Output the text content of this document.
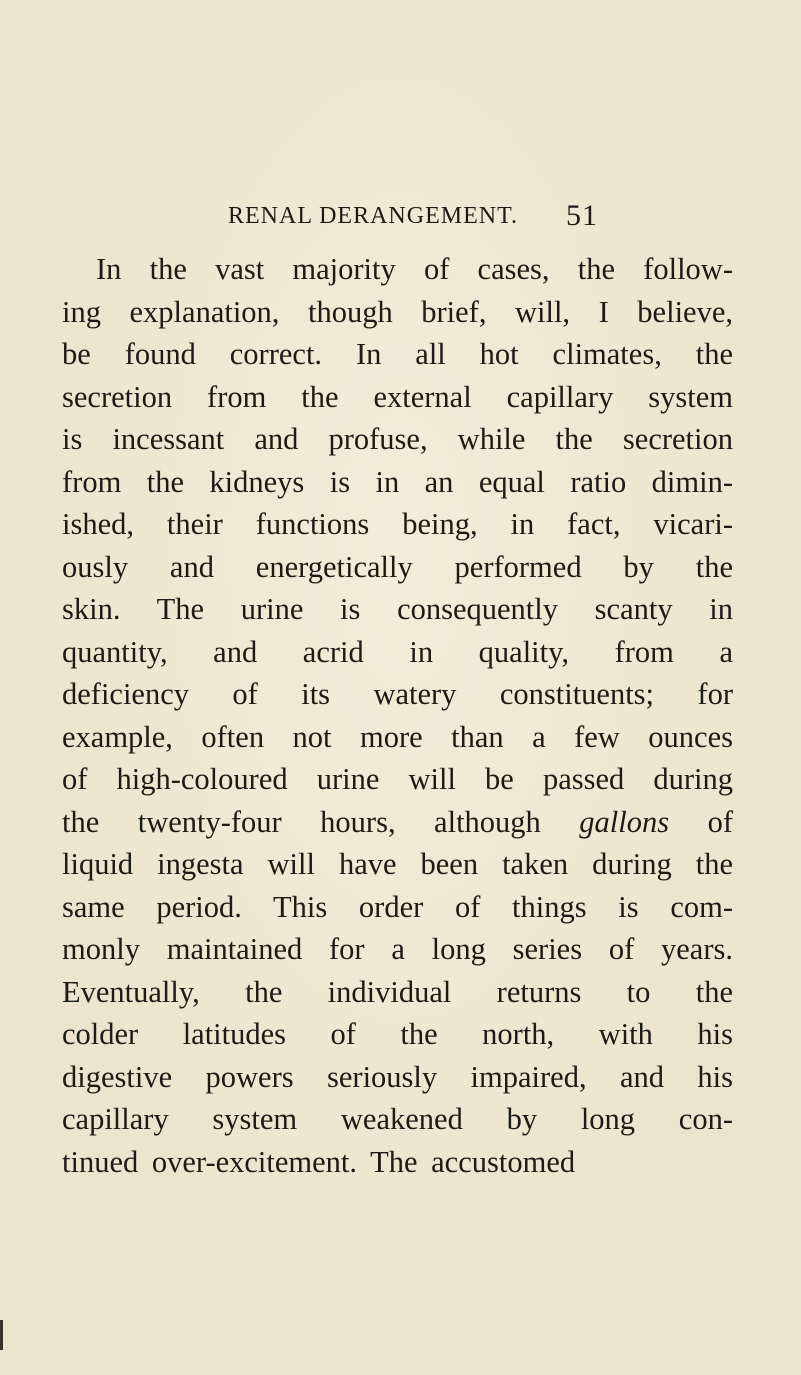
RENAL DERANGEMENT. 51
In the vast majority of cases, the follow-
ing explanation, though brief, will, I believe,
be found correct. In all hot climates, the
secretion from the external capillary system
is incessant and profuse, while the secretion
from the kidneys is in an equal ratio dimin-
ished, their functions being, in fact, vicari-
ously and energetically performed by the
skin. The urine is consequently scanty in
quantity, and acrid in quality, from a
deficiency of its watery constituents; for
example, often not more than a few ounces
of high-coloured urine will be passed during
the twenty-four hours, although gallons of
liquid ingesta will have been taken during the
same period. This order of things is com-
monly maintained for a long series of years.
Eventually, the individual returns to the
colder latitudes of the north, with his
digestive powers seriously impaired, and his
capillary system weakened by long con-
tinued over-excitement. The accustomed
